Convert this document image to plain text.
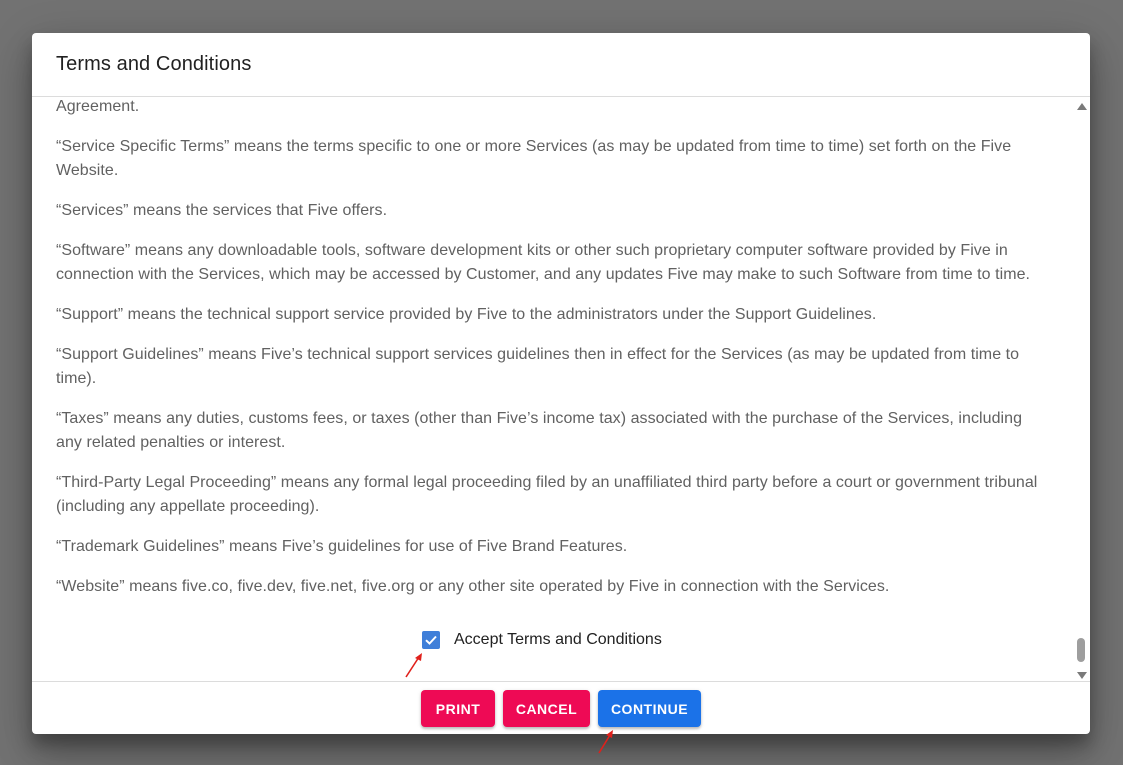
Terms and Conditions

Agreement.

“Service Specific Terms” means the terms specific to one or more Services (as may be updated from time to time) set forth on the Five Website.

“Services” means the services that Five offers.

“Software” means any downloadable tools, software development kits or other such proprietary computer software provided by Five in connection with the Services, which may be accessed by Customer, and any updates Five may make to such Software from time to time.

“Support” means the technical support service provided by Five to the administrators under the Support Guidelines.

“Support Guidelines” means Five’s technical support services guidelines then in effect for the Services (as may be updated from time to time).

“Taxes” means any duties, customs fees, or taxes (other than Five’s income tax) associated with the purchase of the Services, including any related penalties or interest.

“Third-Party Legal Proceeding” means any formal legal proceeding filed by an unaffiliated third party before a court or government tribunal (including any appellate proceeding).

“Trademark Guidelines” means Five’s guidelines for use of Five Brand Features.

“Website” means five.co, five.dev, five.net, five.org or any other site operated by Five in connection with the Services.

Accept Terms and Conditions
PRINT	CANCEL	CONTINUE
